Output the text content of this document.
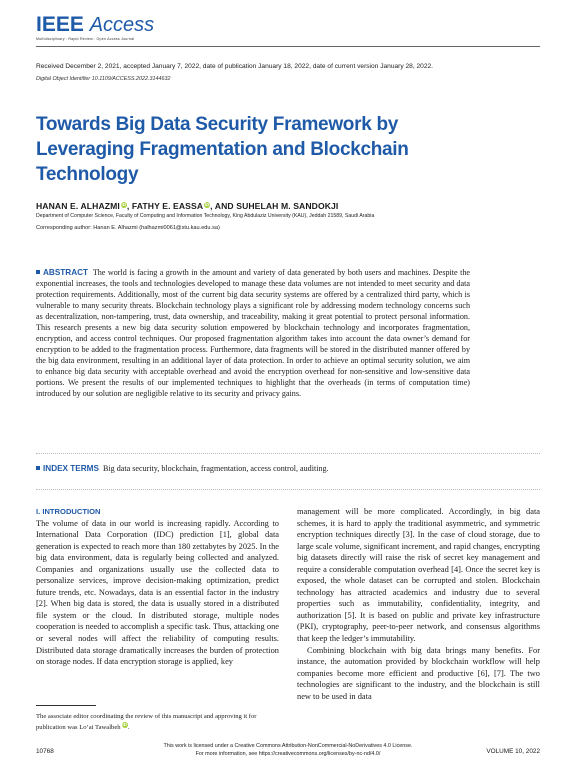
IEEE Access
Multidisciplinary : Rapid Review : Open Access Journal
Received December 2, 2021, accepted January 7, 2022, date of publication January 18, 2022, date of current version January 28, 2022.
Digital Object Identifier 10.1109/ACCESS.2022.3144632
Towards Big Data Security Framework by Leveraging Fragmentation and Blockchain Technology
HANAN E. ALHAZMI iD, FATHY E. EASSA iD, AND SUHELAH M. SANDOKJI
Department of Computer Science, Faculty of Computing and Information Technology, King Abdulaziz University (KAU), Jeddah 21589, Saudi Arabia
Corresponding author: Hanan E. Alhazmi (halhazmi0061@stu.kau.edu.sa)
ABSTRACT The world is facing a growth in the amount and variety of data generated by both users and machines. Despite the exponential increases, the tools and technologies developed to manage these data volumes are not intended to meet security and data protection requirements. Additionally, most of the current big data security systems are offered by a centralized third party, which is vulnerable to many security threats. Blockchain technology plays a significant role by addressing modern technology concerns such as decentralization, non-tampering, trust, data ownership, and traceability, making it great potential to protect personal information. This research presents a new big data security solution empowered by blockchain technology and incorporates fragmentation, encryption, and access control techniques. Our proposed fragmentation algorithm takes into account the data owner’s demand for encryption to be added to the fragmentation process. Furthermore, data fragments will be stored in the distributed manner offered by the big data environment, resulting in an additional layer of data protection. In order to achieve an optimal security solution, we aim to enhance big data security with acceptable overhead and avoid the encryption overhead for non-sensitive and low-sensitive data portions. We present the results of our implemented techniques to highlight that the overheads (in terms of computation time) introduced by our solution are negligible relative to its security and privacy gains.
INDEX TERMS Big data security, blockchain, fragmentation, access control, auditing.
I. INTRODUCTION

The volume of data in our world is increasing rapidly. According to International Data Corporation (IDC) prediction [1], global data generation is expected to reach more than 180 zettabytes by 2025. In the big data environment, data is regularly being collected and analyzed. Companies and organizations usually use the collected data to personalize services, improve decision-making optimization, predict future trends, etc. Nowadays, data is an essential factor in the industry [2]. When big data is stored, the data is usually stored in a distributed file system or the cloud. In distributed storage, multiple nodes cooperation is needed to accomplish a specific task. Thus, attacking one or several nodes will affect the reliability of computing results. Distributed data storage dramatically increases the burden of protection on storage nodes. If data encryption storage is applied, key

The associate editor coordinating the review of this manuscript and approving it for publication was Lo’ai Tawalbeh iD.

management will be more complicated. Accordingly, in big data schemes, it is hard to apply the traditional asymmetric, and symmetric encryption techniques directly [3]. In the case of cloud storage, due to large scale volume, significant increment, and rapid changes, encrypting big datasets directly will raise the risk of secret key management and require a considerable computation overhead [4]. Once the secret key is exposed, the whole dataset can be corrupted and stolen. Blockchain technology has attracted academics and industry due to several properties such as immutability, confidentiality, integrity, and authorization [5]. It is based on public and private key infrastructure (PKI), cryptography, peer-to-peer network, and consensus algorithms that keep the ledger’s immutability.

Combining blockchain with big data brings many benefits. For instance, the automation provided by blockchain workflow will help companies become more efficient and productive [6], [7]. The two technologies are significant to the industry, and the blockchain is still new to be used in data

10768
This work is licensed under a Creative Commons Attribution-NonCommercial-NoDerivatives 4.0 License.
For more information, see https://creativecommons.org/licenses/by-nc-nd/4.0/	VOLUME 10, 2022
